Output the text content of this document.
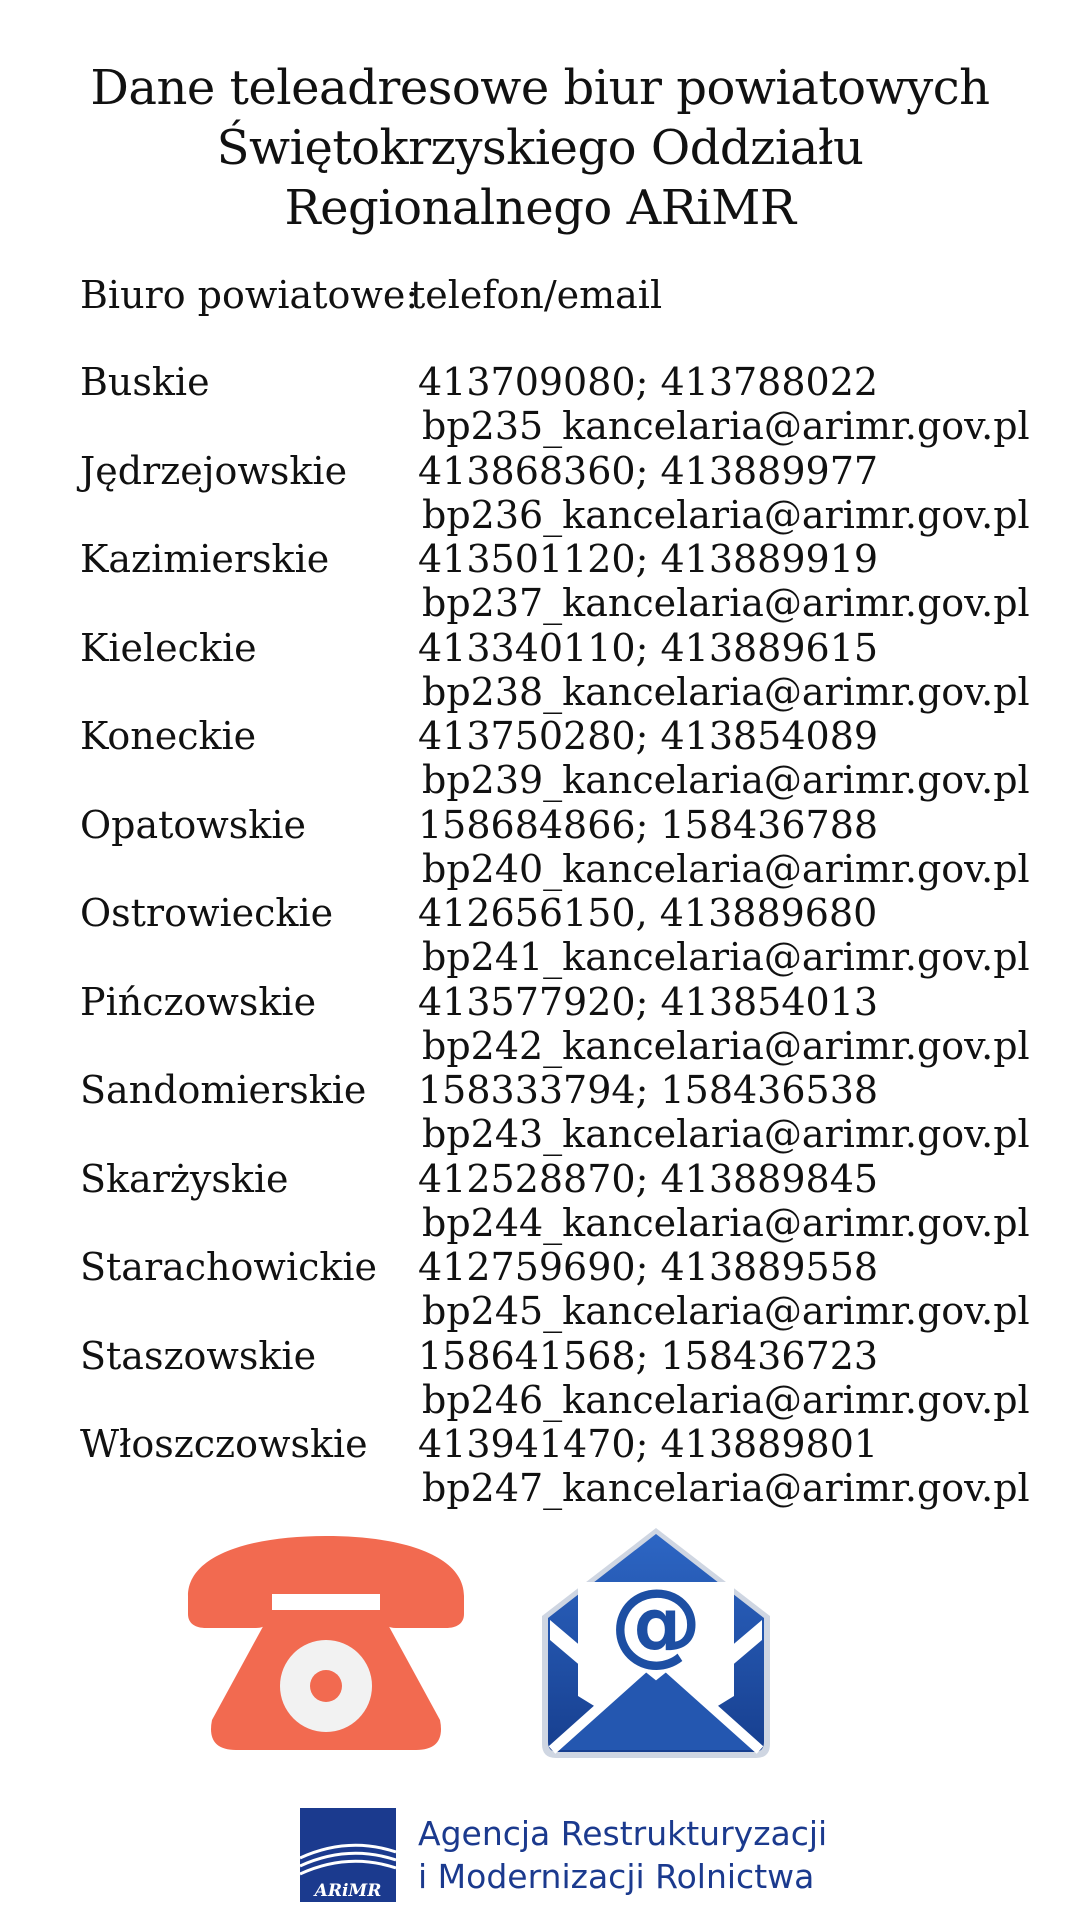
Dane teleadresowe biur powiatowych
Świętokrzyskiego Oddziału
Regionalnego ARiMR
Biuro powiatowe:
telefon/email
Buskie	413709080; 413788022
bp235_kancelaria@arimr.gov.pl
Jędrzejowskie 413868360; 413889977
bp236_kancelaria@arimr.gov.pl
Kazimierskie 413501120; 413889919
bp237_kancelaria@arimr.gov.pl
Kieleckie	413340110; 413889615
bp238_kancelaria@arimr.gov.pl
Koneckie	413750280; 413854089
bp239_kancelaria@arimr.gov.pl
Opatowskie	158684866; 158436788
bp240_kancelaria@arimr.gov.pl
Ostrowieckie 412656150, 413889680
bp241_kancelaria@arimr.gov.pl
Pińczowskie	413577920; 413854013
bp242_kancelaria@arimr.gov.pl
Sandomierskie 158333794; 158436538
bp243_kancelaria@arimr.gov.pl
Skarżyskie	412528870; 413889845
bp244_kancelaria@arimr.gov.pl
Starachowickie 412759690; 413889558
bp245_kancelaria@arimr.gov.pl
Staszowskie	158641568; 158436723
bp246_kancelaria@arimr.gov.pl
Włoszczowskie 413941470; 413889801
bp247_kancelaria@arimr.gov.pl
@
ARiMR
Agencja Restrukturyzacji
i Modernizacji Rolnictwa
